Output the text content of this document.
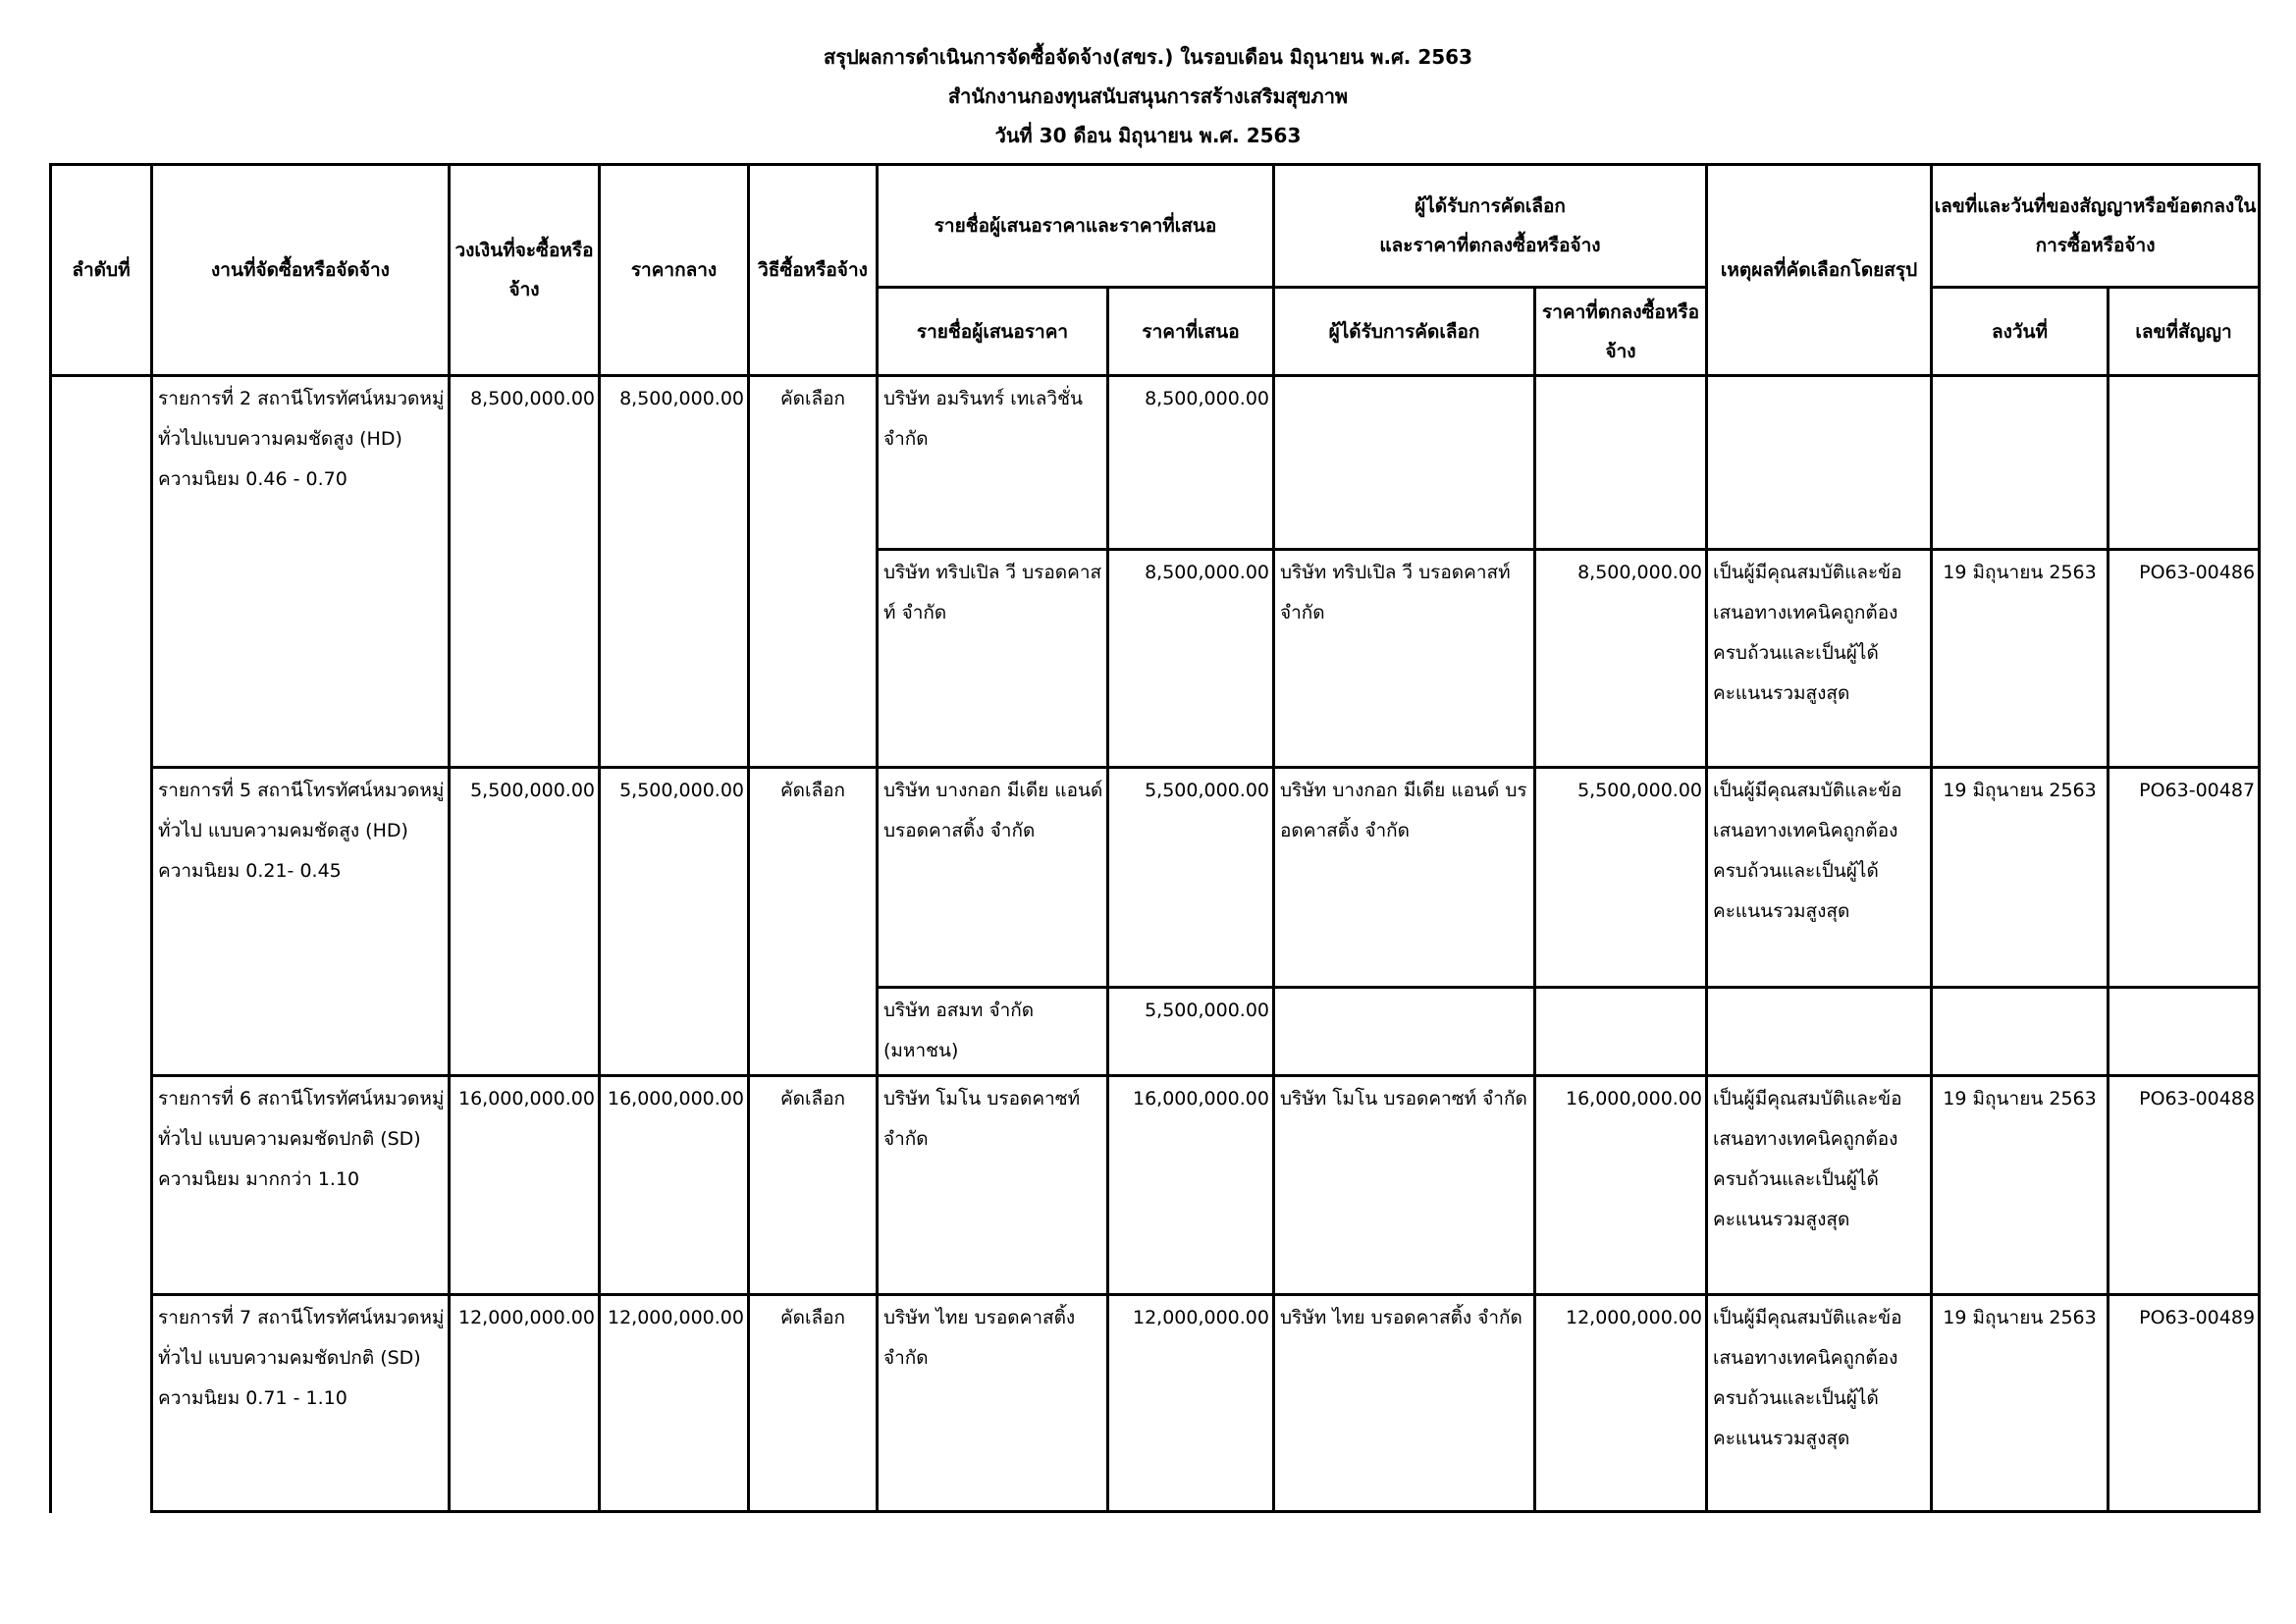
สรุปผลการดำเนินการจัดซื้อจัดจ้าง(สขร.) ในรอบเดือน มิถุนายน พ.ศ. 2563
สำนักงานกองทุนสนับสนุนการสร้างเสริมสุขภาพ
วันที่ 30 ดือน มิถุนายน พ.ศ. 2563
ลำดับที่	งานที่จัดซื้อหรือจัดจ้าง	วงเงินที่จะซื้อหรือจ้าง	ราคากลาง	วิธีซื้อหรือจ้าง	รายชื่อผู้เสนอราคาและราคาที่เสนอ		ผู้ได้รับการคัดเลือก
และราคาที่ตกลงซื้อหรือจ้าง		เหตุผลที่คัดเลือกโดยสรุป	เลขที่และวันที่ของสัญญาหรือข้อตกลงในการซื้อหรือจ้าง	
					รายชื่อผู้เสนอราคา	ราคาที่เสนอ	ผู้ได้รับการคัดเลือก	ราคาที่ตกลงซื้อหรือจ้าง		ลงวันที่	เลขที่สัญญา
	รายการที่ 2 สถานีโทรทัศน์หมวดหมู่ทั่วไปแบบความคมชัดสูง (HD) ความนิยม 0.46 - 0.70	8,500,000.00	8,500,000.00	คัดเลือก	บริษัท อมรินทร์ เทเลวิชั่น จำกัด	8,500,000.00					
					บริษัท ทริปเปิล วี บรอดคาสท์ จำกัด	8,500,000.00	บริษัท ทริปเปิล วี บรอดคาสท์ จำกัด	8,500,000.00	เป็นผู้มีคุณสมบัติและข้อเสนอทางเทคนิคถูกต้องครบถ้วนและเป็นผู้ได้คะแนนรวมสูงสุด	19 มิถุนายน 2563	PO63-00486
	รายการที่ 5 สถานีโทรทัศน์หมวดหมู่ทั่วไป แบบความคมชัดสูง (HD) ความนิยม 0.21- 0.45	5,500,000.00	5,500,000.00	คัดเลือก	บริษัท บางกอก มีเดีย แอนด์ บรอดคาสติ้ง จำกัด	5,500,000.00	บริษัท บางกอก มีเดีย แอนด์ บรอดคาสติ้ง จำกัด	5,500,000.00	เป็นผู้มีคุณสมบัติและข้อเสนอทางเทคนิคถูกต้องครบถ้วนและเป็นผู้ได้คะแนนรวมสูงสุด	19 มิถุนายน 2563	PO63-00487
					บริษัท อสมท จำกัด (มหาชน)	5,500,000.00					
	รายการที่ 6 สถานีโทรทัศน์หมวดหมู่ทั่วไป แบบความคมชัดปกติ (SD) ความนิยม มากกว่า 1.10	16,000,000.00	16,000,000.00	คัดเลือก	บริษัท โมโน บรอดคาซท์ จำกัด	16,000,000.00	บริษัท โมโน บรอดคาซท์ จำกัด	16,000,000.00	เป็นผู้มีคุณสมบัติและข้อเสนอทางเทคนิคถูกต้องครบถ้วนและเป็นผู้ได้คะแนนรวมสูงสุด	19 มิถุนายน 2563	PO63-00488
	รายการที่ 7 สถานีโทรทัศน์หมวดหมู่ทั่วไป แบบความคมชัดปกติ (SD) ความนิยม 0.71 - 1.10	12,000,000.00	12,000,000.00	คัดเลือก	บริษัท ไทย บรอดคาสติ้ง จำกัด	12,000,000.00	บริษัท ไทย บรอดคาสติ้ง จำกัด	12,000,000.00	เป็นผู้มีคุณสมบัติและข้อเสนอทางเทคนิคถูกต้องครบถ้วนและเป็นผู้ได้คะแนนรวมสูงสุด	19 มิถุนายน 2563	PO63-00489
